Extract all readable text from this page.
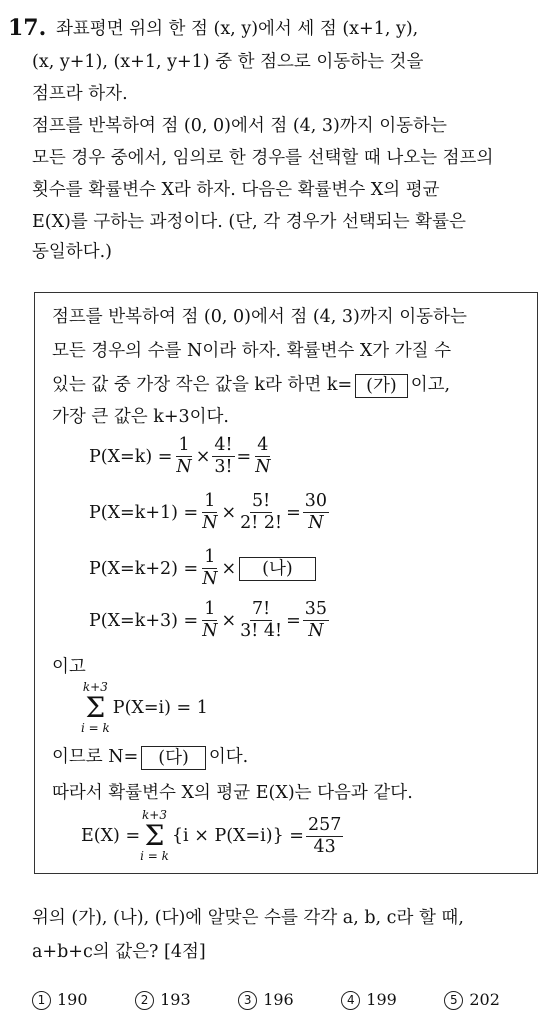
17. 좌표평면 위의 한 점 (x, y)에서 세 점 (x+1, y),
(x, y+1), (x+1, y+1) 중 한 점으로 이동하는 것을
점프라 하자.
점프를 반복하여 점 (0, 0)에서 점 (4, 3)까지 이동하는
모든 경우 중에서, 임의로 한 경우를 선택할 때 나오는 점프의
횟수를 확률변수 X라 하자. 다음은 확률변수 X의 평균
E(X)를 구하는 과정이다. (단, 각 경우가 선택되는 확률은
동일하다.)
점프를 반복하여 점 (0, 0)에서 점 (4, 3)까지 이동하는
모든 경우의 수를 N이라 하자. 확률변수 X가 가질 수
있는 값 중 가장 작은 값을 k라 하면 k= (가) 이고,
가장 큰 값은 k+3이다.
$P(X=k) = \frac{1}{N} \times \frac{4!}{3!} = \frac{4}{N}$
$P(X=k+1) = \frac{1}{N} \times \frac{5!}{2! 2!} = \frac{30}{N}$
$P(X=k+2) = \frac{1}{N}$ ×	(나)
$P(X=k+3) = \frac{1}{N} \times \frac{7!}{3! 4!} = \frac{35}{N}$
이고
k+3
Σ
i = k
P(X=i) = 1
이므로 N= (다) 이다.
따라서 확률변수 X의 평균 E(X)는 다음과 같다.
E(X) =
k+3
Σ
i = k
$\{i \times P(X=i)\} = \frac{257}{43}$
위의 (가), (나), (다)에 알맞은 수를 각각 a, b, c라 할 때,
a+b+c의 값은? [4점]
1 190	2 193	3 196	4 199	5 202
